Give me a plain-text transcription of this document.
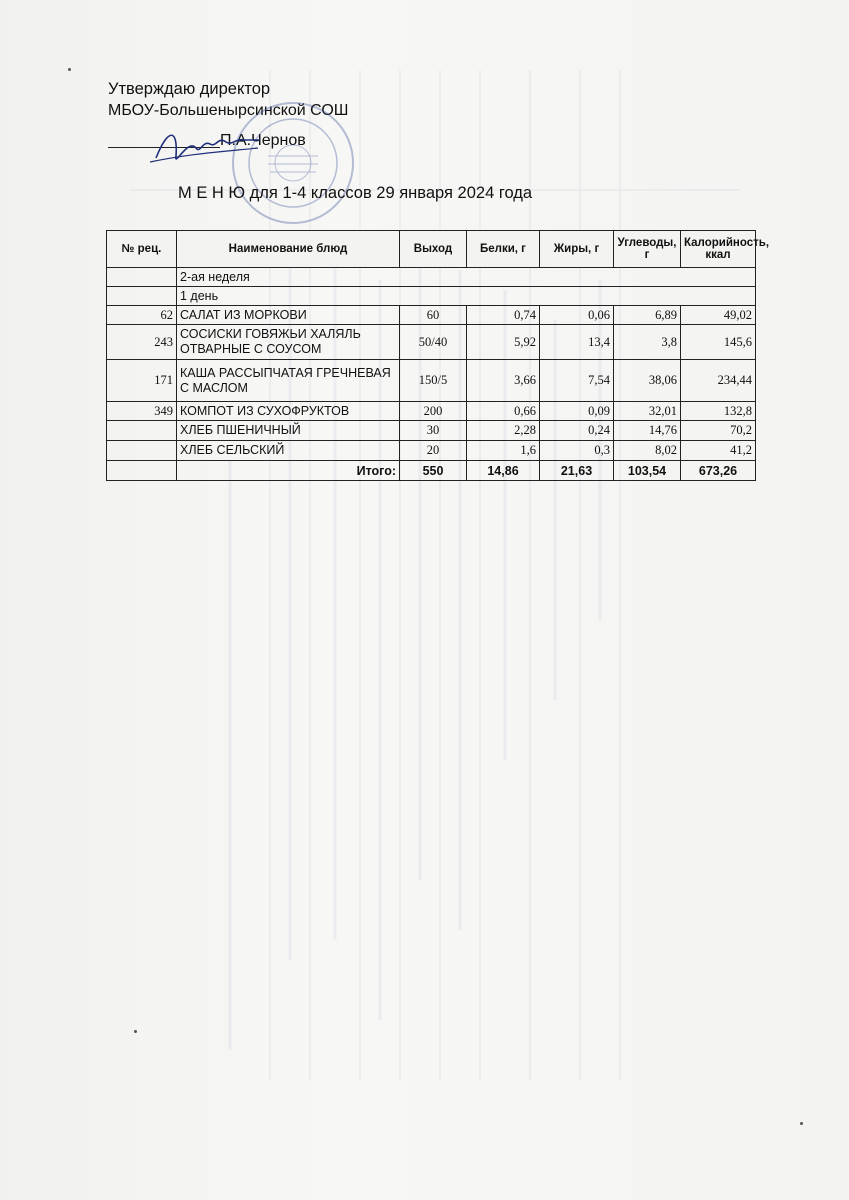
Утверждаю директор
МБОУ-Большенырсинской СОШ
П.А.Чернов
М Е Н Ю для 1-4 классов 29 января 2024 года
№ рец.	Наименование блюд	Выход	Белки, г	Жиры, г	Углеводы, г	Калорийность, ккал
	2-ая неделя					
	1 день					
62	САЛАТ ИЗ МОРКОВИ	60	0,74	0,06	6,89	49,02
243	СОСИСКИ ГОВЯЖЬИ ХАЛЯЛЬ ОТВАРНЫЕ С СОУСОМ	50/40	5,92	13,4	3,8	145,6
171	КАША РАССЫПЧАТАЯ ГРЕЧНЕВАЯ С МАСЛОМ	150/5	3,66	7,54	38,06	234,44
349	КОМПОТ ИЗ СУХОФРУКТОВ	200	0,66	0,09	32,01	132,8
	ХЛЕБ ПШЕНИЧНЫЙ	30	2,28	0,24	14,76	70,2
	ХЛЕБ СЕЛЬСКИЙ	20	1,6	0,3	8,02	41,2
	Итого:	550	14,86	21,63	103,54	673,26
